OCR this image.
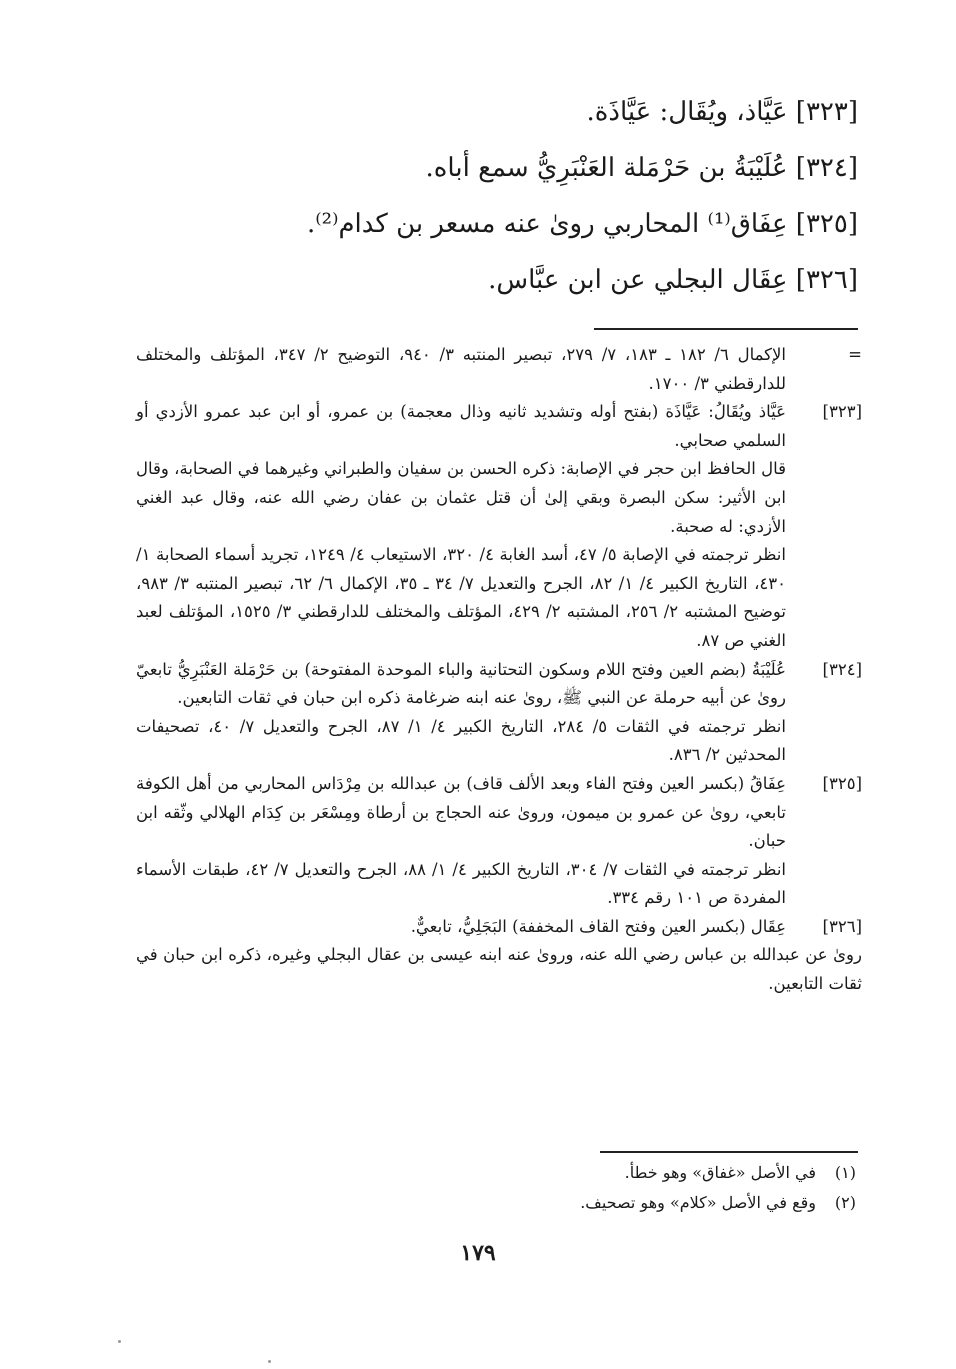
[٣٢٣] عَيَّاذ، ويُقَال: عَيَّاذَة.

[٣٢٤] عُلَيْبَةُ بن حَرْمَلة العَنْبَرِيُّ سمع أباه.

[٣٢٥] عِفَاق⁽¹⁾ المحاربي روىٰ عنه مسعر بن كدام⁽²⁾.

[٣٢٦] عِقَال البجلي عن ابن عبَّاس.

=

الإكمال ٦/ ١٨٢ ـ ١٨٣، ٧/ ٢٧٩، تبصير المنتبه ٣/ ٩٤٠، التوضيح ٢/ ٣٤٧، المؤتلف والمختلف للدارقطني ٣/ ١٧٠٠.

[٣٢٣]

عَيَّاذ ويُقَالُ: عَيَّاذَة (بفتح أوله وتشديد ثانيه وذال معجمة) بن عمرو، أو ابن عبد عمرو الأزدي أو السلمي صحابي.

قال الحافظ ابن حجر في الإصابة: ذكره الحسن بن سفيان والطبراني وغيرهما في الصحابة، وقال ابن الأثير: سكن البصرة وبقي إلىٰ أن قتل عثمان بن عفان رضي الله عنه، وقال عبد الغني الأزدي: له صحبة.

انظر ترجمته في الإصابة ٥/ ٤٧، أسد الغابة ٤/ ٣٢٠، الاستيعاب ٤/ ١٢٤٩، تجريد أسماء الصحابة ١/ ٤٣٠، التاريخ الكبير ٤/ ١/ ٨٢، الجرح والتعديل ٧/ ٣٤ ـ ٣٥، الإكمال ٦/ ٦٢، تبصير المنتبه ٣/ ٩٨٣، توضيح المشتبه ٢/ ٢٥٦، المشتبه ٢/ ٤٢٩، المؤتلف والمختلف للدارقطني ٣/ ١٥٢٥، المؤتلف لعبد الغني ص ٨٧.

[٣٢٤]

عُلَيْبَةُ (بضم العين وفتح اللام وسكون التحتانية والباء الموحدة المفتوحة) بن حَرْمَلة العَنْبَرِيُّ تابعيّ روىٰ عن أبيه حرملة عن النبي ﷺ، روىٰ عنه ابنه ضرغامة ذكره ابن حبان في ثقات التابعين.

انظر ترجمته في الثقات ٥/ ٢٨٤، التاريخ الكبير ٤/ ١/ ٨٧، الجرح والتعديل ٧/ ٤٠، تصحيفات المحدثين ٢/ ٨٣٦.

[٣٢٥]

عِفَاقُ (بكسر العين وفتح الفاء وبعد الألف قاف) بن عبدالله بن مِرْدَاس المحاربي من أهل الكوفة تابعي، روىٰ عن عمرو بن ميمون، وروىٰ عنه الحجاج بن أرطاة ومِسْعَر بن كِدَام الهلالي وثّقه ابن حبان.

انظر ترجمته في الثقات ٧/ ٣٠٤، التاريخ الكبير ٤/ ١/ ٨٨، الجرح والتعديل ٧/ ٤٢، طبقات الأسماء المفردة ص ١٠١ رقم ٣٣٤.

[٣٢٦]

عِقَال (بكسر العين وفتح القاف المخففة) البَجَلِيُّ، تابعيٌّ.

روىٰ عن عبدالله بن عباس رضي الله عنه، وروىٰ عنه ابنه عيسى بن عقال البجلي وغيره، ذكره ابن حبان في ثقات التابعين.

(١)
في الأصل «غفاق» وهو خطأ.
(٢)
وقع في الأصل «كلام» وهو تصحيف.
١٧٩
